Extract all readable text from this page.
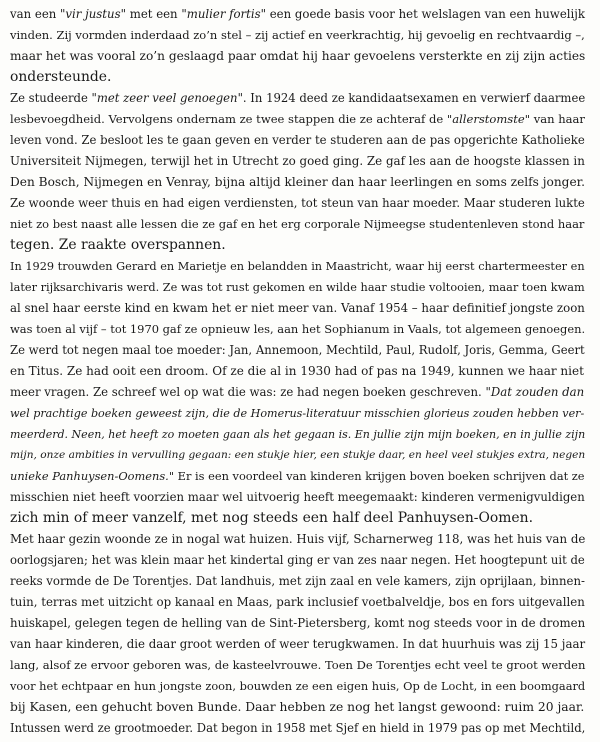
van een "vir justus" met een "mulier fortis" een goede basis voor het welslagen van een huwelijk
vinden. Zij vormden inderdaad zo’n stel – zij actief en veerkrachtig, hij gevoelig en rechtvaardig –,
maar het was vooral zo’n geslaagd paar omdat hij haar gevoelens versterkte en zij zijn acties
ondersteunde.
Ze studeerde "met zeer veel genoegen". In 1924 deed ze kandidaatsexamen en verwierf daarmee
lesbevoegdheid. Vervolgens ondernam ze twee stappen die ze achteraf de "allerstomste" van haar
leven vond. Ze besloot les te gaan geven en verder te studeren aan de pas opgerichte Katholieke
Universiteit Nijmegen, terwijl het in Utrecht zo goed ging. Ze gaf les aan de hoogste klassen in
Den Bosch, Nijmegen en Venray, bijna altijd kleiner dan haar leerlingen en soms zelfs jonger.
Ze woonde weer thuis en had eigen verdiensten, tot steun van haar moeder. Maar studeren lukte
niet zo best naast alle lessen die ze gaf en het erg corporale Nijmeegse studentenleven stond haar
tegen. Ze raakte overspannen.
In 1929 trouwden Gerard en Marietje en belandden in Maastricht, waar hij eerst chartermeester en
later rijksarchivaris werd. Ze was tot rust gekomen en wilde haar studie voltooien, maar toen kwam
al snel haar eerste kind en kwam het er niet meer van. Vanaf 1954 – haar definitief jongste zoon
was toen al vijf – tot 1970 gaf ze opnieuw les, aan het Sophianum in Vaals, tot algemeen genoegen.
Ze werd tot negen maal toe moeder: Jan, Annemoon, Mechtild, Paul, Rudolf, Joris, Gemma, Geert
en Titus. Ze had ooit een droom. Of ze die al in 1930 had of pas na 1949, kunnen we haar niet
meer vragen. Ze schreef wel op wat die was: ze had negen boeken geschreven. "Dat zouden dan
wel prachtige boeken geweest zijn, die de Homerus-literatuur misschien glorieus zouden hebben ver-
meerderd. Neen, het heeft zo moeten gaan als het gegaan is. En jullie zijn mijn boeken, en in jullie zijn
mijn, onze ambities in vervulling gegaan: een stukje hier, een stukje daar, en heel veel stukjes extra, negen
unieke Panhuysen-Oomens." Er is een voordeel van kinderen krijgen boven boeken schrijven dat ze
misschien niet heeft voorzien maar wel uitvoerig heeft meegemaakt: kinderen vermenigvuldigen
zich min of meer vanzelf, met nog steeds een half deel Panhuysen-Oomen.
Met haar gezin woonde ze in nogal wat huizen. Huis vijf, Scharnerweg 118, was het huis van de
oorlogsjaren; het was klein maar het kindertal ging er van zes naar negen. Het hoogtepunt uit de
reeks vormde de De Torentjes. Dat landhuis, met zijn zaal en vele kamers, zijn oprijlaan, binnen-
tuin, terras met uitzicht op kanaal en Maas, park inclusief voetbalveldje, bos en fors uitgevallen
huiskapel, gelegen tegen de helling van de Sint-Pietersberg, komt nog steeds voor in de dromen
van haar kinderen, die daar groot werden of weer terugkwamen. In dat huurhuis was zij 15 jaar
lang, alsof ze ervoor geboren was, de kasteelvrouwe. Toen De Torentjes echt veel te groot werden
voor het echtpaar en hun jongste zoon, bouwden ze een eigen huis, Op de Locht, in een boomgaard
bij Kasen, een gehucht boven Bunde. Daar hebben ze nog het langst gewoond: ruim 20 jaar.
Intussen werd ze grootmoeder. Dat begon in 1958 met Sjef en hield in 1979 pas op met Mechtild,
